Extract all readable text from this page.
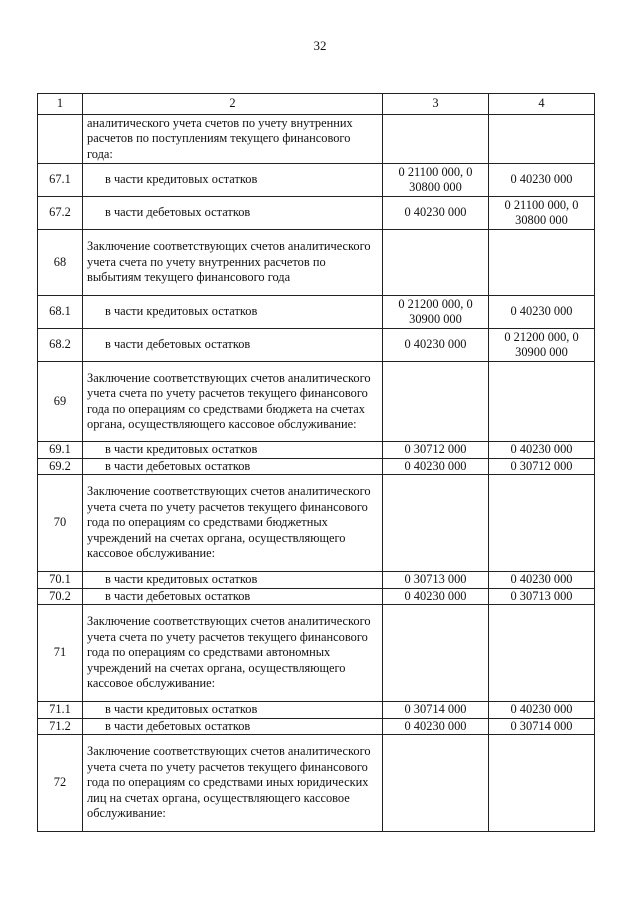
32
1	2	3	4
	аналитического учета счетов по учету внутренних расчетов по поступлениям текущего финансового года:		
67.1	в части кредитовых остатков	0 21100 000, 0 30800 000	0 40230 000
67.2	в части дебетовых остатков	0 40230 000	0 21100 000, 0 30800 000
68	Заключение соответствующих счетов аналитического учета счета по учету внутренних расчетов по выбытиям текущего финансового года		
68.1	в части кредитовых остатков	0 21200 000, 0 30900 000	0 40230 000
68.2	в части дебетовых остатков	0 40230 000	0 21200 000, 0 30900 000
69	Заключение соответствующих счетов аналитического учета счета по учету расчетов текущего финансового года по операциям со средствами бюджета на счетах органа, осуществляющего кассовое обслуживание:		
69.1	в части кредитовых остатков	0 30712 000	0 40230 000
69.2	в части дебетовых остатков	0 40230 000	0 30712 000
70	Заключение соответствующих счетов аналитического учета счета по учету расчетов текущего финансового года по операциям со средствами бюджетных учреждений на счетах органа, осуществляющего кассовое обслуживание:		
70.1	в части кредитовых остатков	0 30713 000	0 40230 000
70.2	в части дебетовых остатков	0 40230 000	0 30713 000
71	Заключение соответствующих счетов аналитического учета счета по учету расчетов текущего финансового года по операциям со средствами автономных учреждений на счетах органа, осуществляющего кассовое обслуживание:		
71.1	в части кредитовых остатков	0 30714 000	0 40230 000
71.2	в части дебетовых остатков	0 40230 000	0 30714 000
72	Заключение соответствующих счетов аналитического учета счета по учету расчетов текущего финансового года по операциям со средствами иных юридических лиц на счетах органа, осуществляющего кассовое обслуживание:		
